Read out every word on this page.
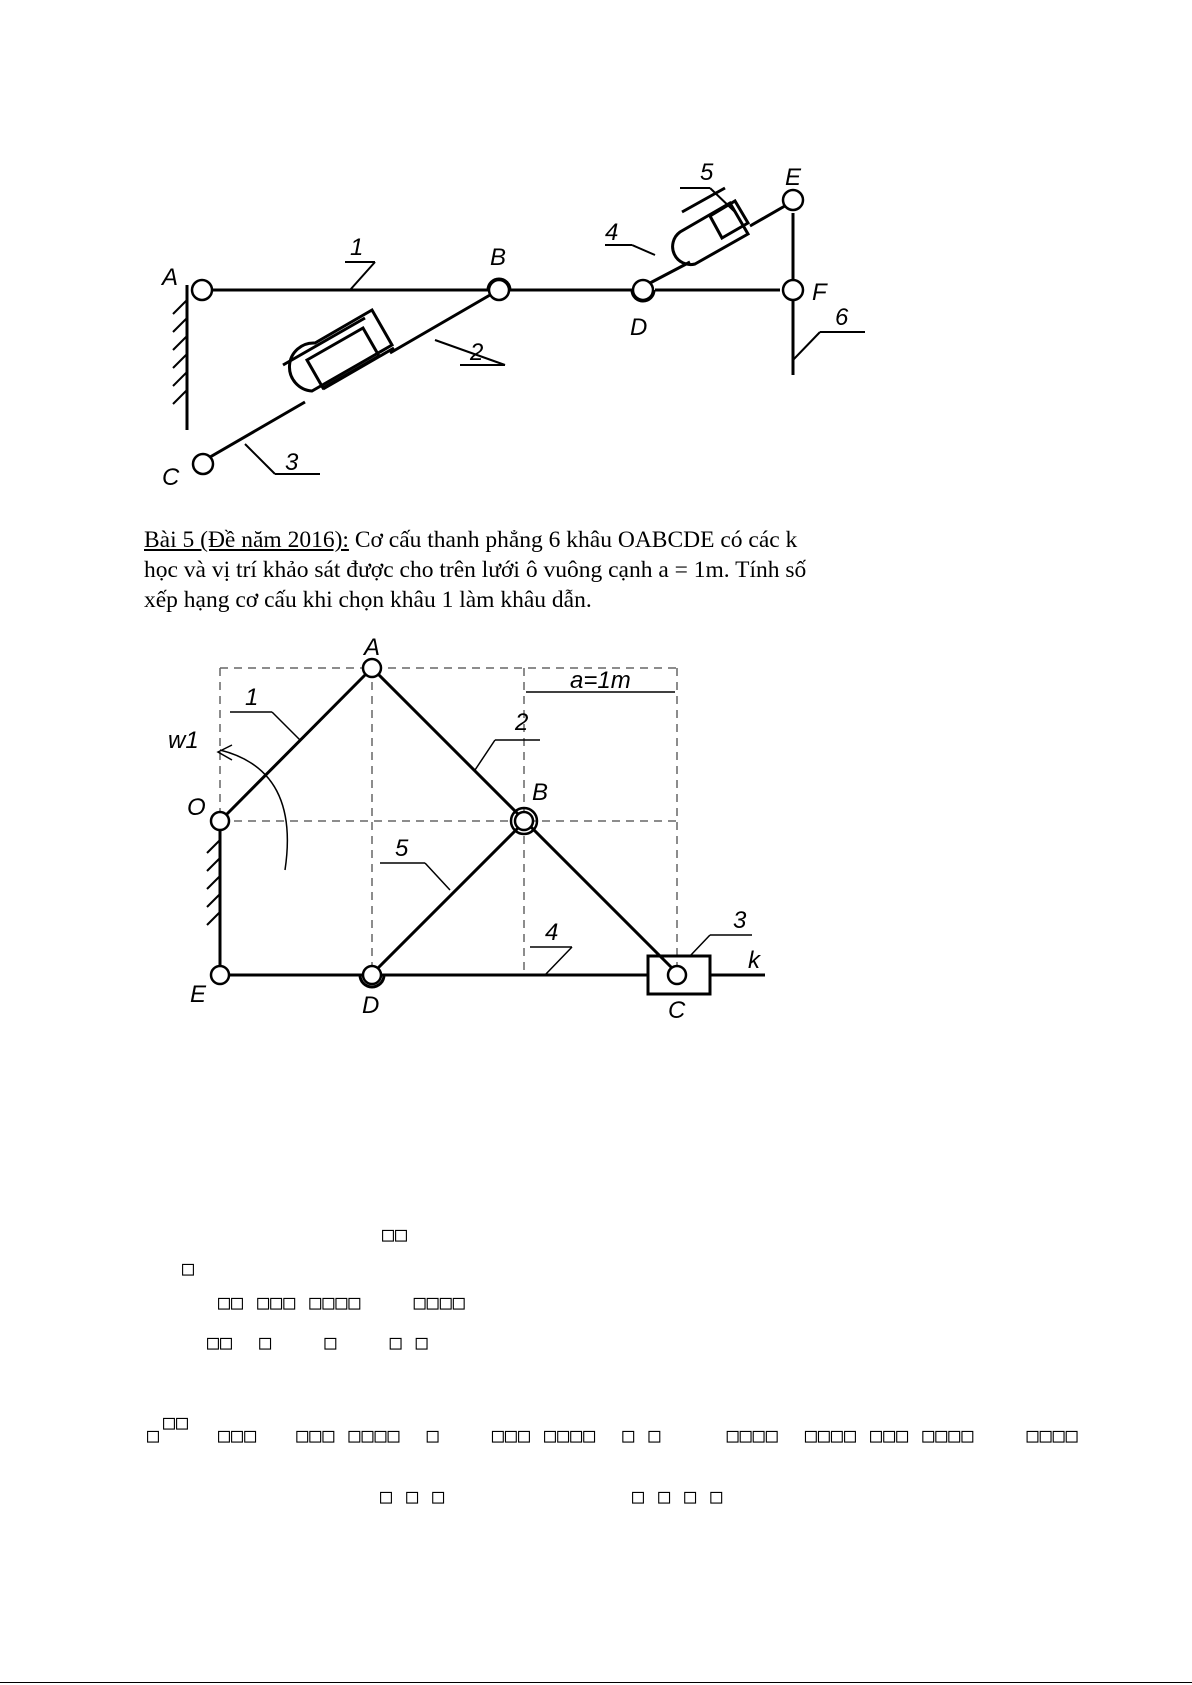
A
B
C
D
E
F
1
2
3
4
5
6
Bài 5 (Đề năm 2016): Cơ cấu thanh phẳng 6 khâu OABCDE có các k
học và vị trí khảo sát được cho trên lưới ô vuông cạnh a = 1m. Tính số
xếp hạng cơ cấu khi chọn khâu 1 làm khâu dẫn.
A
B
C
D
E
O
k
w1
a=1m
1
2
3
4
5
□□
□
□□ □□□ □□□□    □□□□
□□  □    □    □ □
□
□□
□□□   □□□ □□□□  □    □□□ □□□□  □ □     □□□□  □□□□ □□□ □□□□    □□□□
□ □ □	□ □ □ □
